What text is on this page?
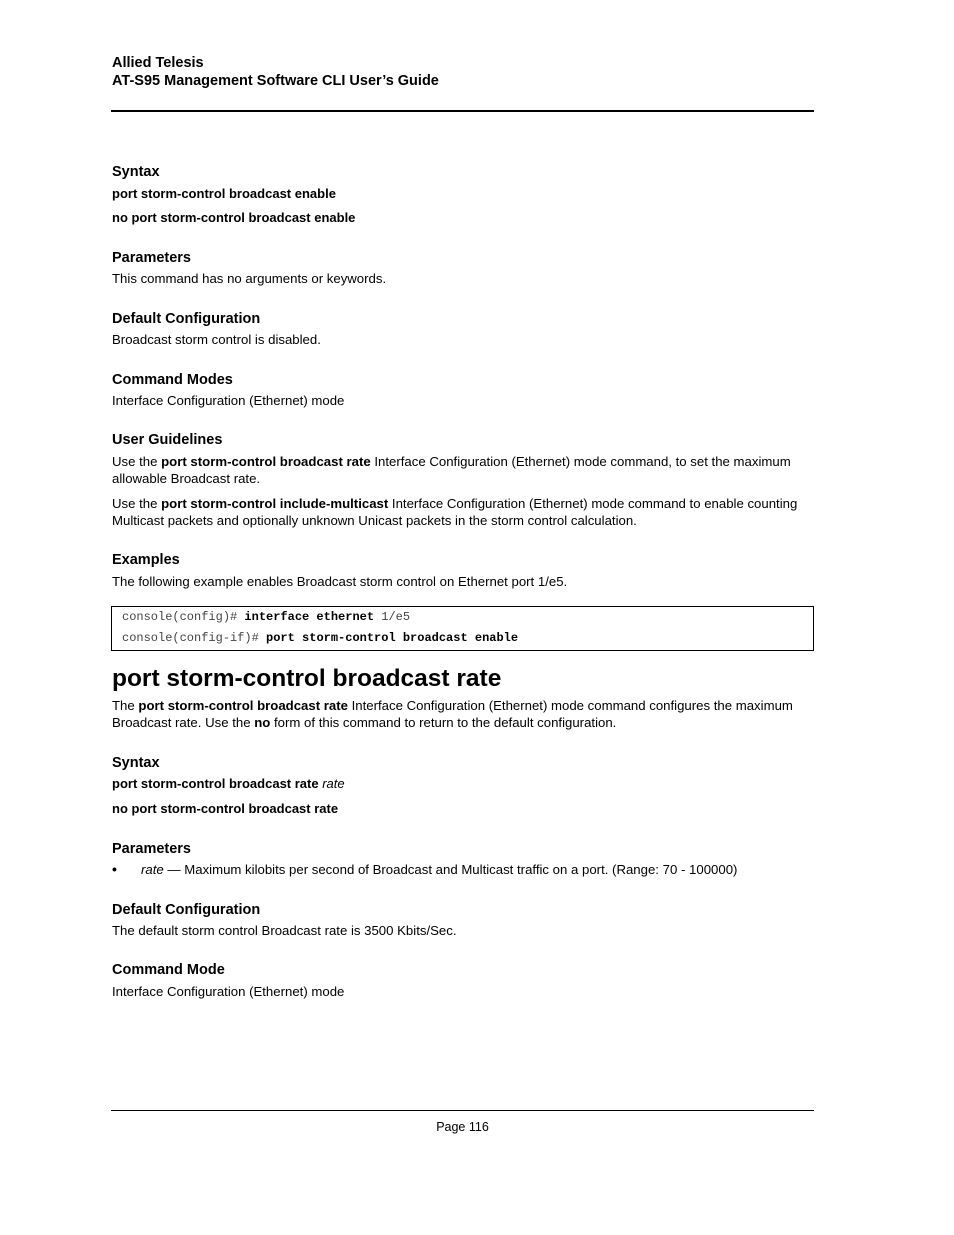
Allied Telesis
AT-S95 Management Software CLI User’s Guide
Syntax
port storm-control broadcast enable
no port storm-control broadcast enable
Parameters
This command has no arguments or keywords.
Default Configuration
Broadcast storm control is disabled.
Command Modes
Interface Configuration (Ethernet) mode
User Guidelines
Use the port storm-control broadcast rate Interface Configuration (Ethernet) mode command, to set the maximum allowable Broadcast rate.
Use the port storm-control include-multicast Interface Configuration (Ethernet) mode command to enable counting Multicast packets and optionally unknown Unicast packets in the storm control calculation.
Examples
The following example enables Broadcast storm control on Ethernet port 1/e5.
console(config)# interface ethernet 1/e5
console(config-if)# port storm-control broadcast enable
port storm-control broadcast rate
The port storm-control broadcast rate Interface Configuration (Ethernet) mode command configures the maximum Broadcast rate. Use the no form of this command to return to the default configuration.
Syntax
port storm-control broadcast rate rate
no port storm-control broadcast rate
Parameters
• rate — Maximum kilobits per second of Broadcast and Multicast traffic on a port. (Range: 70 - 100000)
Default Configuration
The default storm control Broadcast rate is 3500 Kbits/Sec.
Command Mode
Interface Configuration (Ethernet) mode
Page 116
